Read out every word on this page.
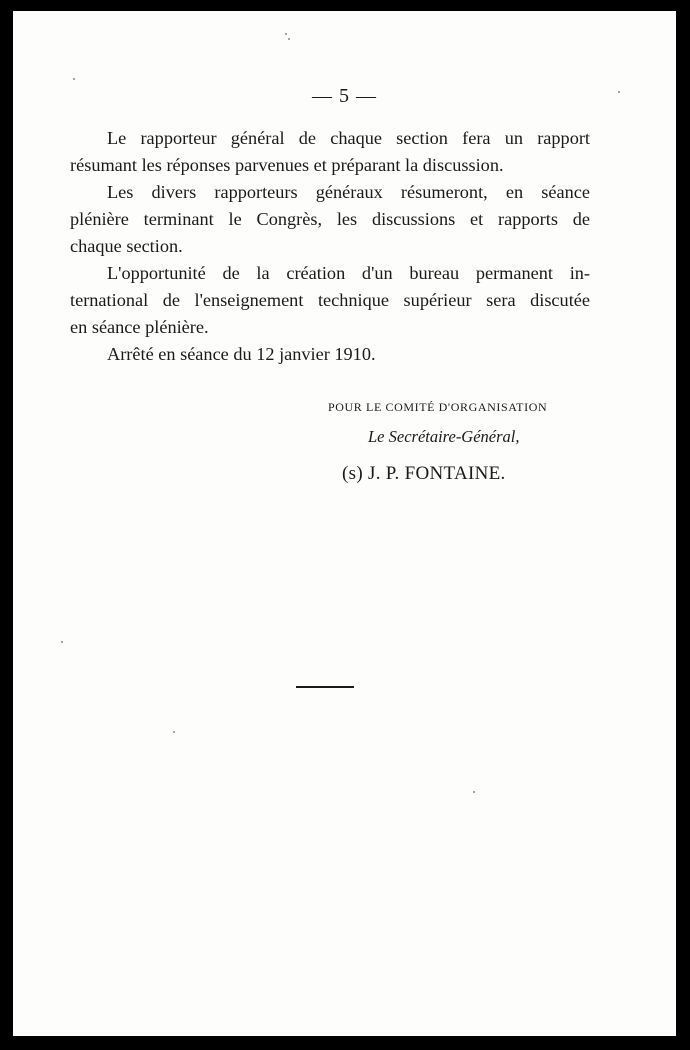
— 5 —
Le rapporteur général de chaque section fera un rapport
résumant les réponses parvenues et préparant la discussion.
Les divers rapporteurs généraux résumeront, en séance
plénière terminant le Congrès, les discussions et rapports de
chaque section.
L'opportunité de la création d'un bureau permanent in-
ternational de l'enseignement technique supérieur sera discutée
en séance plénière.

Arrêté en séance du 12 janvier 1910.

POUR LE COMITÉ D'ORGANISATION

Le Secrétaire-Général,

(s) J. P. FONTAINE.
